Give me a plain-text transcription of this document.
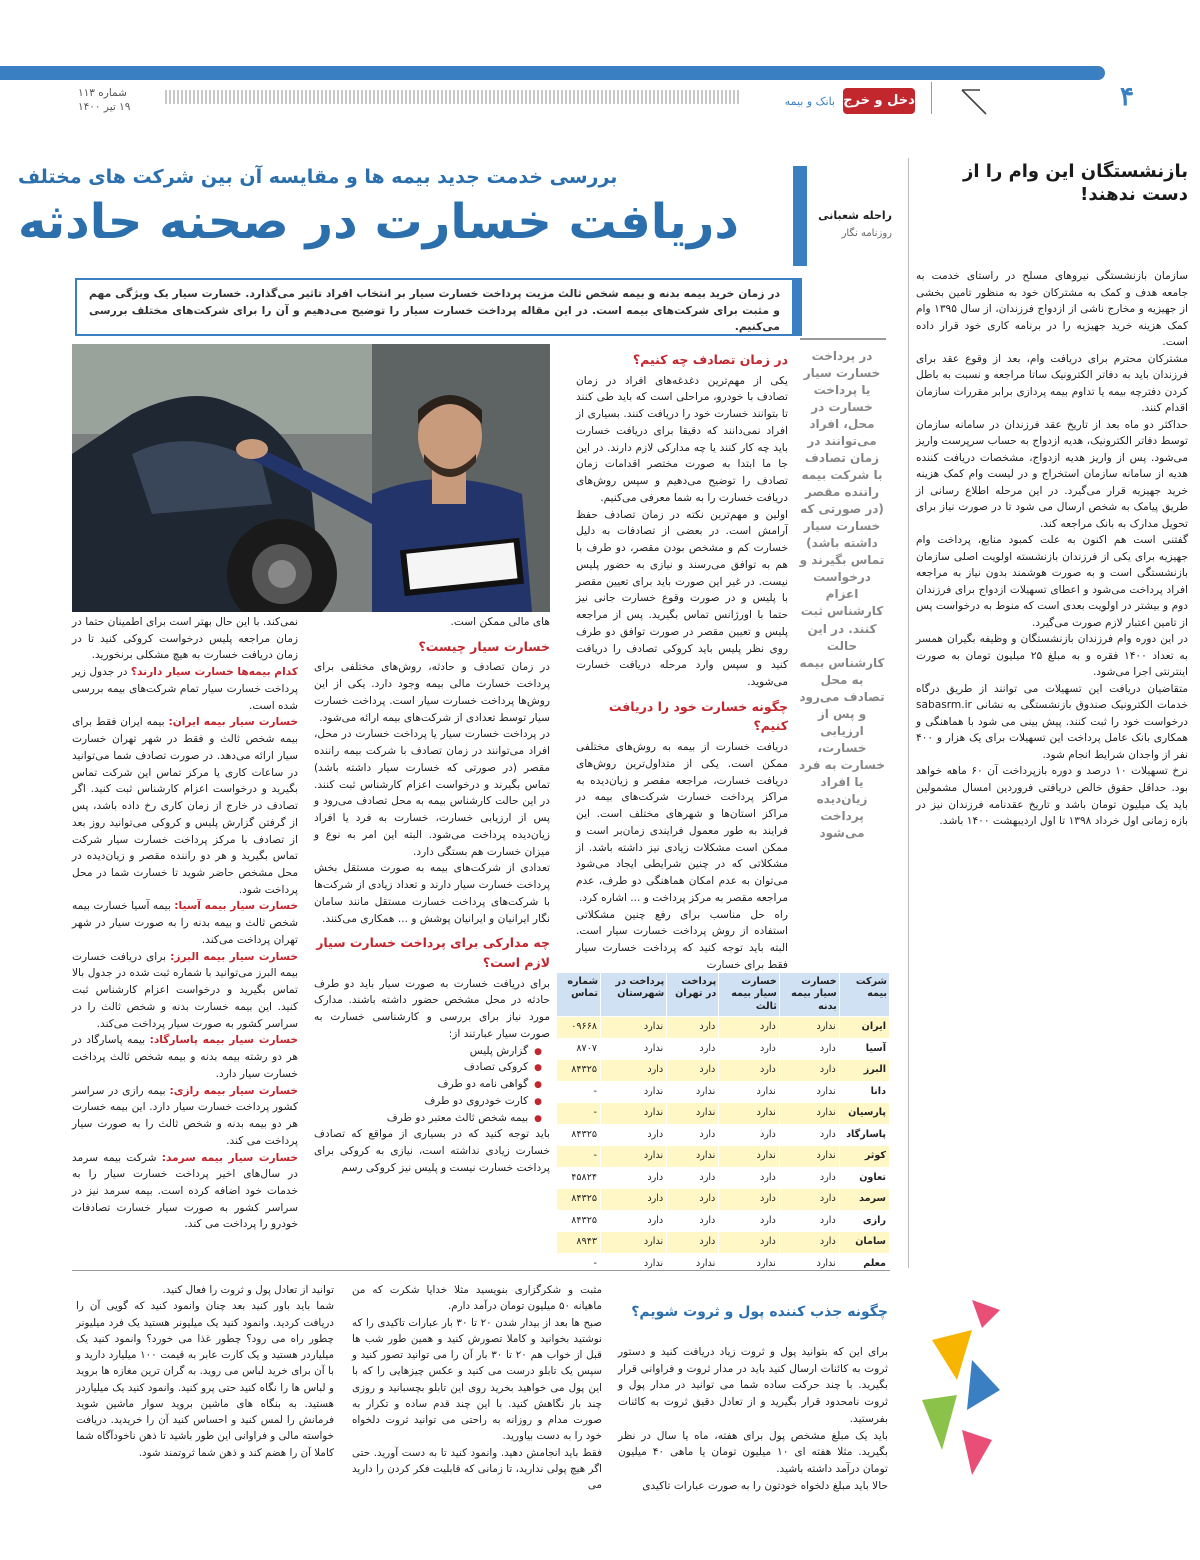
۴
دخل و خرج
بانک و بیمه
شماره ۱۱۳
۱۹ تیر ۱۴۰۰
بازنشستگان این وام را از دست ندهند!

سازمان بازنشستگی نیروهای مسلح در راستای خدمت به جامعه هدف و کمک به مشترکان خود به منظور تامین بخشی از جهیزیه و مخارج ناشی از ازدواج فرزندان، از سال ۱۳۹۵ وام کمک هزینه خرید جهیزیه را در برنامه کاری خود قرار داده است.

مشترکان محترم برای دریافت وام، بعد از وقوع عقد برای فرزندان باید به دفاتر الکترونیک ساتا مراجعه و نسبت به باطل کردن دفترچه بیمه یا تداوم بیمه پردازی برابر مقررات سازمان اقدام کنند.

حداکثر دو ماه بعد از تاریخ عقد فرزندان در سامانه سازمان توسط دفاتر الکترونیک، هدیه ازدواج به حساب سرپرست واریز می‌شود. پس از واریز هدیه ازدواج، مشخصات دریافت کننده هدیه از سامانه سازمان استخراج و در لیست وام کمک هزینه خرید جهیزیه قرار می‌گیرد. در این مرحله اطلاع رسانی از طریق پیامک به شخص ارسال می شود تا در صورت نیاز برای تحویل مدارک به بانک مراجعه کند.

گفتنی است هم اکنون به علت کمبود منابع، پرداخت وام جهیزیه برای یکی از فرزندان بازنشسته اولویت اصلی سازمان بازنشستگی است و به صورت هوشمند بدون نیاز به مراجعه افراد پرداخت می‌شود و اعطای تسهیلات ازدواج برای فرزندان دوم و بیشتر در اولویت بعدی است که منوط به درخواست پس از تامین اعتبار لازم صورت می‌گیرد.

در این دوره وام فرزندان بازنشستگان و وظیفه بگیران همسر به تعداد ۱۴۰۰ فقره و به مبلغ ۲۵ میلیون تومان به صورت اینترنتی اجرا می‌شود.

متقاضیان دریافت این تسهیلات می توانند از طریق درگاه خدمات الکترونیک صندوق بازنشستگی به نشانی sabasrm.ir درخواست خود را ثبت کنند. پیش بینی می شود با هماهنگی و همکاری بانک عامل پرداخت این تسهیلات برای یک هزار و ۴۰۰ نفر از واجدان شرایط انجام شود.

نرخ تسهیلات ۱۰ درصد و دوره بازپرداخت آن ۶۰ ماهه خواهد بود. حداقل حقوق خالص دریافتی فروردین امسال مشمولین باید یک میلیون تومان باشد و تاریخ عقدنامه فرزندان نیز در بازه زمانی اول خرداد ۱۳۹۸ تا اول اردیبهشت ۱۴۰۰ باشد.

راحله شعبانی
روزنامه نگار
بررسی خدمت جدید بیمه ها و مقایسه آن بین شرکت های مختلف
دریافت خسارت در صحنه حادثه
در زمان خرید بیمه بدنه و بیمه شخص ثالث مزیت پرداخت خسارت سیار بر انتخاب افراد تاثیر می‌گذارد. خسارت سیار یک ویژگی مهم و مثبت برای شرکت‌های بیمه است. در این مقاله پرداخت خسارت سیار را توضیح می‌دهیم و آن را برای شرکت‌های مختلف بررسی می‌کنیم.
در پرداخت خسارت سیار یا پرداخت خسارت در محل، افراد می‌توانند در زمان تصادف با شرکت بیمه راننده مقصر (در صورتی که خسارت سیار داشته باشد) تماس بگیرند و درخواست اعزام کارشناس ثبت کنند. در این حالت کارشناس بیمه به محل تصادف می‌رود و پس از ارزیابی خسارت، خسارت به فرد یا افراد زیان‌دیده پرداخت می‌شود
در زمان تصادف چه کنیم؟

یکی از مهم‌ترین دغدغه‌های افراد در زمان تصادف با خودرو، مراحلی است که باید طی کنند تا بتوانند خسارت خود را دریافت کنند. بسیاری از افراد نمی‌دانند که دقیقا برای دریافت خسارت باید چه کار کنند یا چه مدارکی لازم دارند. در این جا ما ابتدا به صورت مختصر اقدامات زمان تصادف را توضیح می‌دهیم و سپس روش‌های دریافت خسارت را به شما معرفی می‌کنیم.

اولین و مهم‌ترین نکته در زمان تصادف حفظ آرامش است. در بعضی از تصادفات به دلیل خسارت کم و مشخص بودن مقصر، دو طرف با هم به توافق می‌رسند و نیازی به حضور پلیس نیست. در غیر این صورت باید برای تعیین مقصر با پلیس و در صورت وقوع خسارت جانی نیز حتما با اورژانس تماس بگیرید. پس از مراجعه پلیس و تعیین مقصر در صورت توافق دو طرف روی نظر پلیس باید کروکی تصادف را دریافت کنید و سپس وارد مرحله دریافت خسارت می‌شوید.

چگونه خسارت خود را دریافت کنیم؟

دریافت خسارت از بیمه به روش‌های مختلفی ممکن است. یکی از متداول‌ترین روش‌های دریافت خسارت، مراجعه مقصر و زیان‌دیده به مراکز پرداخت خسارت شرکت‌های بیمه در مراکز استان‌ها و شهرهای مختلف است. این فرایند به طور معمول فرایندی زمان‌بر است و ممکن است مشکلات زیادی نیز داشته باشد. از مشکلاتی که در چنین شرایطی ایجاد می‌شود می‌توان به عدم امکان هماهنگی دو طرف، عدم مراجعه مقصر به مرکز پرداخت و ... اشاره کرد.

راه حل مناسب برای رفع چنین مشکلاتی استفاده از روش پرداخت خسارت سیار است. البته باید توجه کنید که پرداخت خسارت سیار فقط برای خسارت

های مالی ممکن است.

خسارت سیار چیست؟

در زمان تصادف و حادثه، روش‌های مختلفی برای پرداخت خسارت مالی بیمه وجود دارد. یکی از این روش‌ها پرداخت خسارت سیار است. پرداخت خسارت سیار توسط تعدادی از شرکت‌های بیمه ارائه می‌شود.

در پرداخت خسارت سیار یا پرداخت خسارت در محل، افراد می‌توانند در زمان تصادف با شرکت بیمه راننده مقصر (در صورتی که خسارت سیار داشته باشد) تماس بگیرند و درخواست اعزام کارشناس ثبت کنند. در این حالت کارشناس بیمه به محل تصادف می‌رود و پس از ارزیابی خسارت، خسارت به فرد یا افراد زیان‌دیده پرداخت می‌شود. البته این امر به نوع و میزان خسارت هم بستگی دارد.

تعدادی از شرکت‌های بیمه به صورت مستقل بخش پرداخت خسارت سیار دارند و تعداد زیادی از شرکت‌ها با شرکت‌های پرداخت خسارت مستقل مانند سامان نگار ایرانیان و ایرانیان پوشش و ... همکاری می‌کنند.

چه مدارکی برای پرداخت خسارت سیار لازم است؟

برای دریافت خسارت به صورت سیار باید دو طرف حادثه در محل مشخص حضور داشته باشند. مدارک مورد نیاز برای بررسی و کارشناسی خسارت به صورت سیار عبارتند از:

● گزارش پلیس
● کروکی تصادف
● گواهی نامه دو طرف
● کارت خودروی دو طرف
● بیمه شخص ثالث معتبر دو طرف

باید توجه کنید که در بسیاری از مواقع که تصادف خسارت زیادی نداشته است، نیازی به کروکی برای پرداخت خسارت نیست و پلیس نیز کروکی رسم

نمی‌کند. با این حال بهتر است برای اطمینان حتما در زمان مراجعه پلیس درخواست کروکی کنید تا در زمان دریافت خسارت به هیچ مشکلی برنخورید.

کدام بیمه‌ها خسارت سیار دارند؟ در جدول زیر پرداخت خسارت سیار تمام شرکت‌های بیمه بررسی شده است.

خسارت سیار بیمه ایران: بیمه ایران فقط برای بیمه شخص ثالث و فقط در شهر تهران خسارت سیار ارائه می‌دهد. در صورت تصادف شما می‌توانید در ساعات کاری یا مرکز تماس این شرکت تماس بگیرید و درخواست اعزام کارشناس ثبت کنید. اگر تصادف در خارج از زمان کاری رخ داده باشد، پس از گرفتن گزارش پلیس و کروکی می‌توانید روز بعد از تصادف با مرکز پرداخت خسارت سیار شرکت تماس بگیرید و هر دو راننده مقصر و زیان‌دیده در محل مشخص حاضر شوید تا خسارت شما در محل پرداخت شود.

خسارت سیار بیمه آسیا: بیمه آسیا خسارت بیمه شخص ثالث و بیمه بدنه را به صورت سیار در شهر تهران پرداخت می‌کند.

خسارت سیار بیمه البرز: برای دریافت خسارت بیمه البرز می‌توانید با شماره ثبت شده در جدول بالا تماس بگیرید و درخواست اعزام کارشناس ثبت کنید. این بیمه خسارت بدنه و شخص ثالث را در سراسر کشور به صورت سیار پرداخت می‌کند.

خسارت سیار بیمه پاسارگاد: بیمه پاسارگاد در هر دو رشته بیمه بدنه و بیمه شخص ثالث پرداخت خسارت سیار دارد.

خسارت سیار بیمه رازی: بیمه رازی در سراسر کشور پرداخت خسارت سیار دارد. این بیمه خسارت هر دو بیمه بدنه و شخص ثالث را به صورت سیار پرداخت می کند.

خسارت سیار بیمه سرمد: شرکت بیمه سرمد در سال‌های اخیر پرداخت خسارت سیار را به خدمات خود اضافه کرده است. بیمه سرمد نیز در سراسر کشور به صورت سیار خسارت تصادفات خودرو را پرداخت می کند.

شرکت بیمه	خسارت سیار بیمه بدنه	خسارت سیار بیمه ثالث	پرداخت در تهران	پرداخت در شهرستان	شماره تماس
ایران	ندارد	دارد	دارد	ندارد	۰۹۶۶۸
آسیا	دارد	دارد	دارد	ندارد	۸۷۰۷
البرز	دارد	دارد	دارد	دارد	۸۴۳۲۵
دانا	ندارد	ندارد	ندارد	ندارد	-
پارسیان	ندارد	ندارد	ندارد	ندارد	-
پاسارگاد	دارد	دارد	دارد	دارد	۸۴۳۲۵
کوثر	ندارد	ندارد	ندارد	ندارد	-
تعاون	دارد	دارد	دارد	دارد	۴۵۸۲۴
سرمد	دارد	دارد	دارد	دارد	۸۴۳۲۵
رازی	دارد	دارد	دارد	دارد	۸۴۳۲۵
سامان	دارد	دارد	دارد	ندارد	۸۹۴۳
معلم	ندارد	ندارد	ندارد	ندارد	-
چگونه جذب کننده پول و ثروت شویم؟

برای این که بتوانید پول و ثروت زیاد دریافت کنید و دستور ثروت به کائنات ارسال کنید باید در مدار ثروت و فراوانی قرار بگیرید. با چند حرکت ساده شما می توانید در مدار پول و ثروت نامحدود قرار بگیرید و از تعادل دقیق ثروت به کائنات بفرستید.

باید یک مبلغ مشخص پول برای هفته، ماه یا سال در نظر بگیرید. مثلا هفته ای ۱۰ میلیون تومان یا ماهی ۴۰ میلیون تومان درآمد داشته باشید.

حالا باید مبلغ دلخواه خودتون را به صورت عبارات تاکیدی

مثبت و شکرگزاری بنویسید مثلا خدایا شکرت که من ماهیانه ۵۰ میلیون تومان درآمد دارم.

صبح ها بعد از بیدار شدن ۲۰ تا ۳۰ بار عبارات تاکیدی را که نوشتید بخوانید و کاملا تصورش کنید و همین طور شب ها قبل از خواب هم ۲۰ تا ۳۰ بار آن را می توانید تصور کنید و سپس یک تابلو درست می کنید و عکس چیزهایی را که با این پول می خواهید بخرید روی این تابلو بچسبانید و روزی چند بار نگاهش کنید. با این چند قدم ساده و تکرار به صورت مدام و روزانه به راحتی می توانید ثروت دلخواه خود را به دست بیاورید.

فقط باید انجامش دهید. وانمود کنید تا به دست آورید. حتی اگر هیچ پولی ندارید، تا زمانی که قابلیت فکر کردن را دارید می

توانید از تعادل پول و ثروت را فعال کنید.

شما باید باور کنید بعد چنان وانمود کنید که گویی آن را دریافت کردید. وانمود کنید یک میلیونر هستید یک فرد میلیونر چطور راه می رود؟ چطور غذا می خورد؟ وانمود کنید یک میلیاردر هستید و یک کارت عابر به قیمت ۱۰۰ میلیارد دارید و با آن برای خرید لباس می روید. به گران ترین مغازه ها بروید و لباس ها را نگاه کنید حتی پرو کنید. وانمود کنید یک میلیاردر هستید. به بنگاه های ماشین بروید سوار ماشین شوید فرمانش را لمس کنید و احساس کنید آن را خریدید. دریافت خواسته مالی و فراوانی این طور باشید تا ذهن ناخودآگاه شما کاملا آن را هضم کند و ذهن شما ثروتمند شود.
